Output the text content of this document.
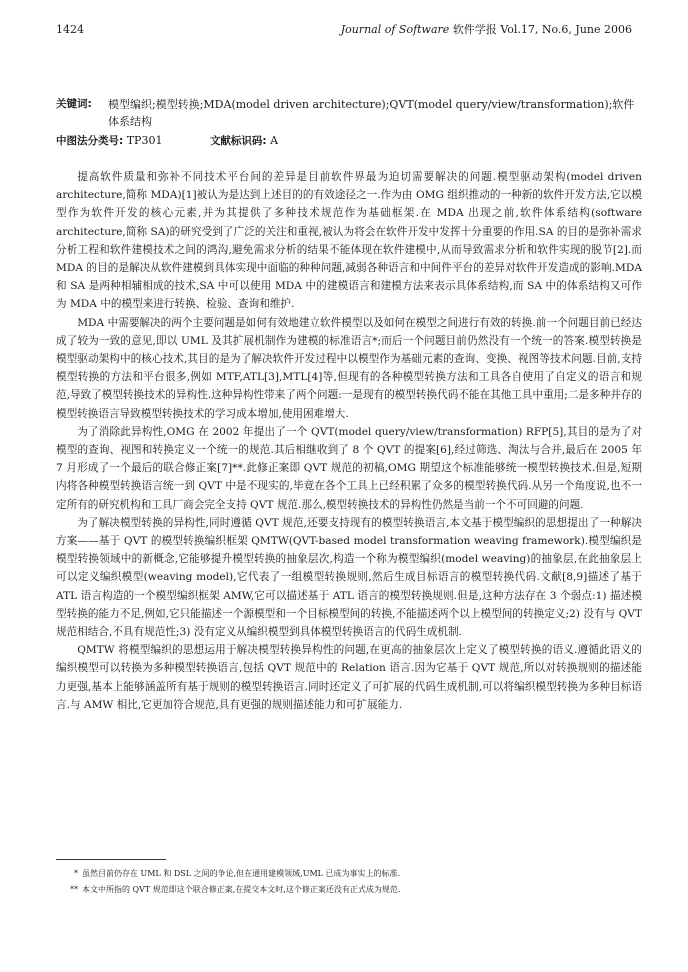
1424	Journal of Software 软件学报 Vol.17, No.6, June 2006
关键词: 模型编织;模型转换;MDA(model driven architecture);QVT(model query/view/transformation);软件体系结构
中图法分类号: TP301	文献标识码: A

提高软件质量和弥补不同技术平台间的差异是目前软件界最为迫切需要解决的问题.模型驱动架构(model driven architecture,简称 MDA)[1]被认为是达到上述目的的有效途径之一.作为由 OMG 组织推动的一种新的软件开发方法,它以模型作为软件开发的核心元素,并为其提供了多种技术规范作为基础框架.在 MDA 出现之前,软件体系结构(software architecture,简称 SA)的研究受到了广泛的关注和重视,被认为将会在软件开发中发挥十分重要的作用.SA 的目的是弥补需求分析工程和软件建模技术之间的鸿沟,避免需求分析的结果不能体现在软件建模中,从而导致需求分析和软件实现的脱节[2].而 MDA 的目的是解决从软件建模到具体实现中面临的种种问题,减弱各种语言和中间件平台的差异对软件开发造成的影响.MDA 和 SA 是两种相辅相成的技术,SA 中可以使用 MDA 中的建模语言和建模方法来表示具体系结构,而 SA 中的体系结构又可作为 MDA 中的模型来进行转换、检验、查询和维护.

MDA 中需要解决的两个主要问题是如何有效地建立软件模型以及如何在模型之间进行有效的转换.前一个问题目前已经达成了较为一致的意见,即以 UML 及其扩展机制作为建模的标准语言*;而后一个问题目前仍然没有一个统一的答案.模型转换是模型驱动架构中的核心技术,其目的是为了解决软件开发过程中以模型作为基础元素的查询、变换、视图等技术问题.目前,支持模型转换的方法和平台很多,例如 MTF,ATL[3],MTL[4]等,但现有的各种模型转换方法和工具各自使用了自定义的语言和规范,导致了模型转换技术的异构性.这种异构性带来了两个问题:一是现有的模型转换代码不能在其他工具中重用;二是多种并存的模型转换语言导致模型转换技术的学习成本增加,使用困难增大.

为了消除此异构性,OMG 在 2002 年提出了一个 QVT(model query/view/transformation) RFP[5],其目的是为了对模型的查询、视图和转换定义一个统一的规范.其后相继收到了 8 个 QVT 的提案[6],经过筛选、淘汰与合并,最后在 2005 年 7 月形成了一个最后的联合修正案[7]**.此修正案即 QVT 规范的初稿,OMG 期望这个标准能够统一模型转换技术.但是,短期内将各种模型转换语言统一到 QVT 中是不现实的,毕竟在各个工具上已经积累了众多的模型转换代码.从另一个角度说,也不一定所有的研究机构和工具厂商会完全支持 QVT 规范.那么,模型转换技术的异构性仍然是当前一个不可回避的问题.

为了解决模型转换的异构性,同时遵循 QVT 规范,还要支持现有的模型转换语言,本文基于模型编织的思想提出了一种解决方案——基于 QVT 的模型转换编织框架 QMTW(QVT-based model transformation weaving framework).模型编织是模型转换领域中的新概念,它能够提升模型转换的抽象层次,构造一个称为模型编织(model weaving)的抽象层,在此抽象层上可以定义编织模型(weaving model),它代表了一组模型转换规则,然后生成目标语言的模型转换代码.文献[8,9]描述了基于 ATL 语言构造的一个模型编织框架 AMW,它可以描述基于 ATL 语言的模型转换规则.但是,这种方法存在 3 个弱点:1) 描述模型转换的能力不足,例如,它只能描述一个源模型和一个目标模型间的转换,不能描述两个以上模型间的转换定义;2) 没有与 QVT 规范相结合,不具有规范性;3) 没有定义从编织模型到具体模型转换语言的代码生成机制.

QMTW 将模型编织的思想运用于解决模型转换异构性的问题,在更高的抽象层次上定义了模型转换的语义.遵循此语义的编织模型可以转换为多种模型转换语言,包括 QVT 规范中的 Relation 语言.因为它基于 QVT 规范,所以对转换规则的描述能力更强,基本上能够涵盖所有基于规则的模型转换语言.同时还定义了可扩展的代码生成机制,可以将编织模型转换为多种目标语言.与 AMW 相比,它更加符合规范,具有更强的规则描述能力和可扩展能力.

* 虽然目前仍存在 UML 和 DSL 之间的争论,但在通用建模领域,UML 已成为事实上的标准.
** 本文中所指的 QVT 规范即这个联合修正案,在提交本文时,这个修正案还没有正式成为规范.
